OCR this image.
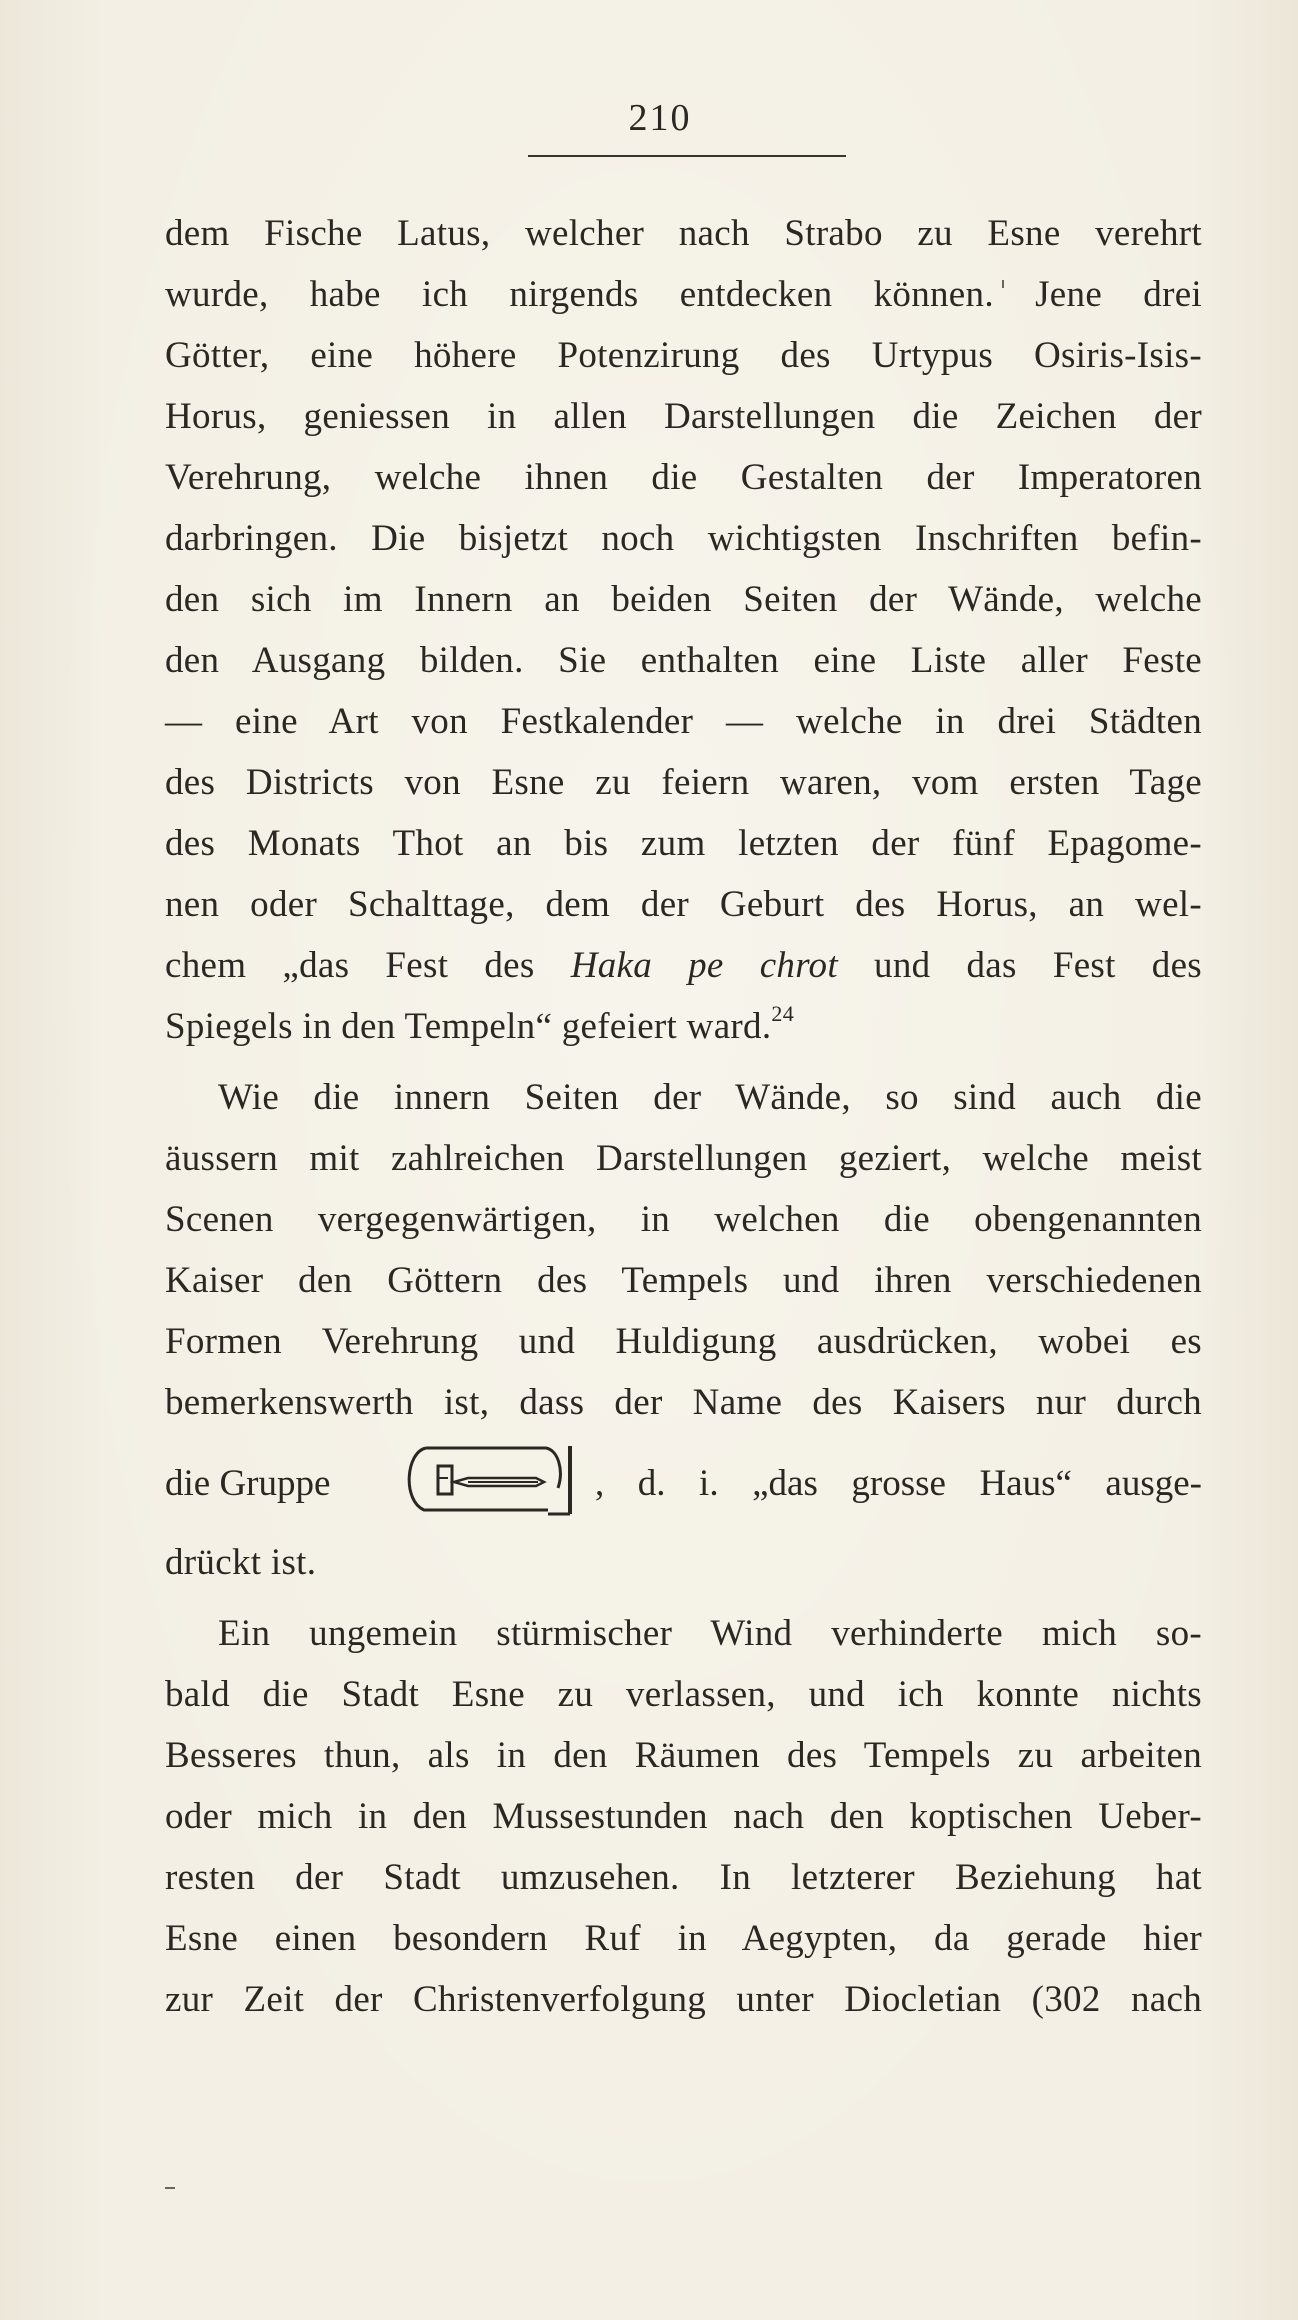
210
dem Fische Latus, welcher nach Strabo zu Esne verehrt
wurde, habe ich nirgends entdecken können. Jene drei
Götter, eine höhere Potenzirung des Urtypus Osiris-Isis-
Horus, geniessen in allen Darstellungen die Zeichen der
Verehrung, welche ihnen die Gestalten der Imperatoren
darbringen. Die bisjetzt noch wichtigsten Inschriften befin-
den sich im Innern an beiden Seiten der Wände, welche
den Ausgang bilden. Sie enthalten eine Liste aller Feste
— eine Art von Festkalender — welche in drei Städten
des Districts von Esne zu feiern waren, vom ersten Tage
des Monats Thot an bis zum letzten der fünf Epagome-
nen oder Schalttage, dem der Geburt des Horus, an wel-
chem „das Fest des Haka pe chrot und das Fest des
Spiegels in den Tempeln“ gefeiert ward.$^{24}$
Wie die innern Seiten der Wände, so sind auch die
äussern mit zahlreichen Darstellungen geziert, welche meist
Scenen vergegenwärtigen, in welchen die obengenannten
Kaiser den Göttern des Tempels und ihren verschiedenen
Formen Verehrung und Huldigung ausdrücken, wobei es
bemerkenswerth ist, dass der Name des Kaisers nur durch
die Gruppe	, d. i. „das grosse Haus“ ausge-
drückt ist.
Ein ungemein stürmischer Wind verhinderte mich so-
bald die Stadt Esne zu verlassen, und ich konnte nichts
Besseres thun, als in den Räumen des Tempels zu arbeiten
oder mich in den Mussestunden nach den koptischen Ueber-
resten der Stadt umzusehen. In letzterer Beziehung hat
Esne einen besondern Ruf in Aegypten, da gerade hier
zur Zeit der Christenverfolgung unter Diocletian (302 nach
